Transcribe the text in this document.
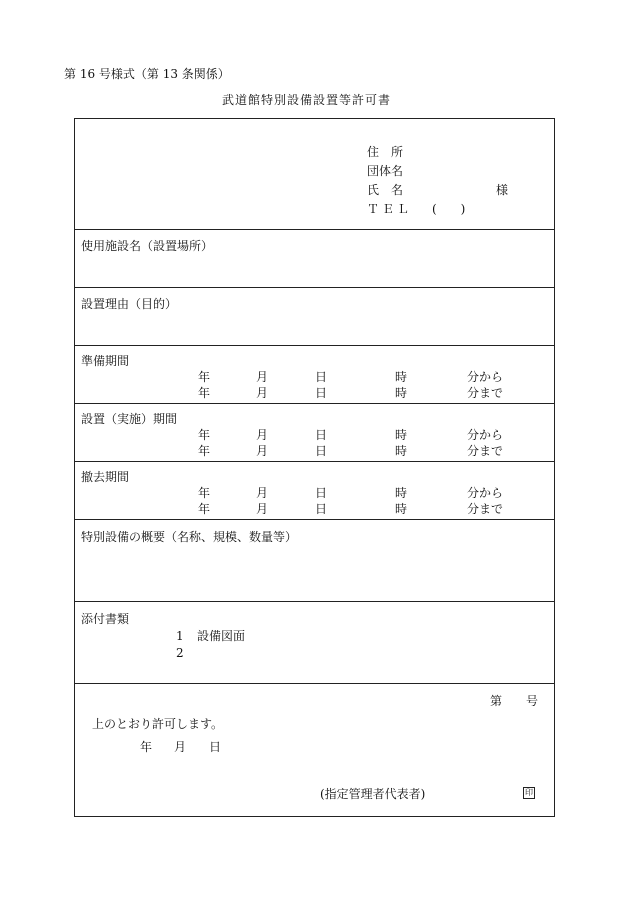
第 16 号様式（第 13 条関係）
武道館特別設備設置等許可書
住　所
団体名
氏　名	様
ＴＥＬ (　　)
使用施設名（設置場所）
設置理由（目的）
準備期間
年	月	日	時	分から
年	月	日	時	分まで
設置（実施）期間
年	月	日	時	分から
年	月	日	時	分まで
撤去期間
年	月	日	時	分から
年	月	日	時	分まで
特別設備の概要（名称、規模、数量等）
添付書類
1 設備図面
2
第 号
上のとおり許可します。
年 月 日
(指定管理者代表者)	印
